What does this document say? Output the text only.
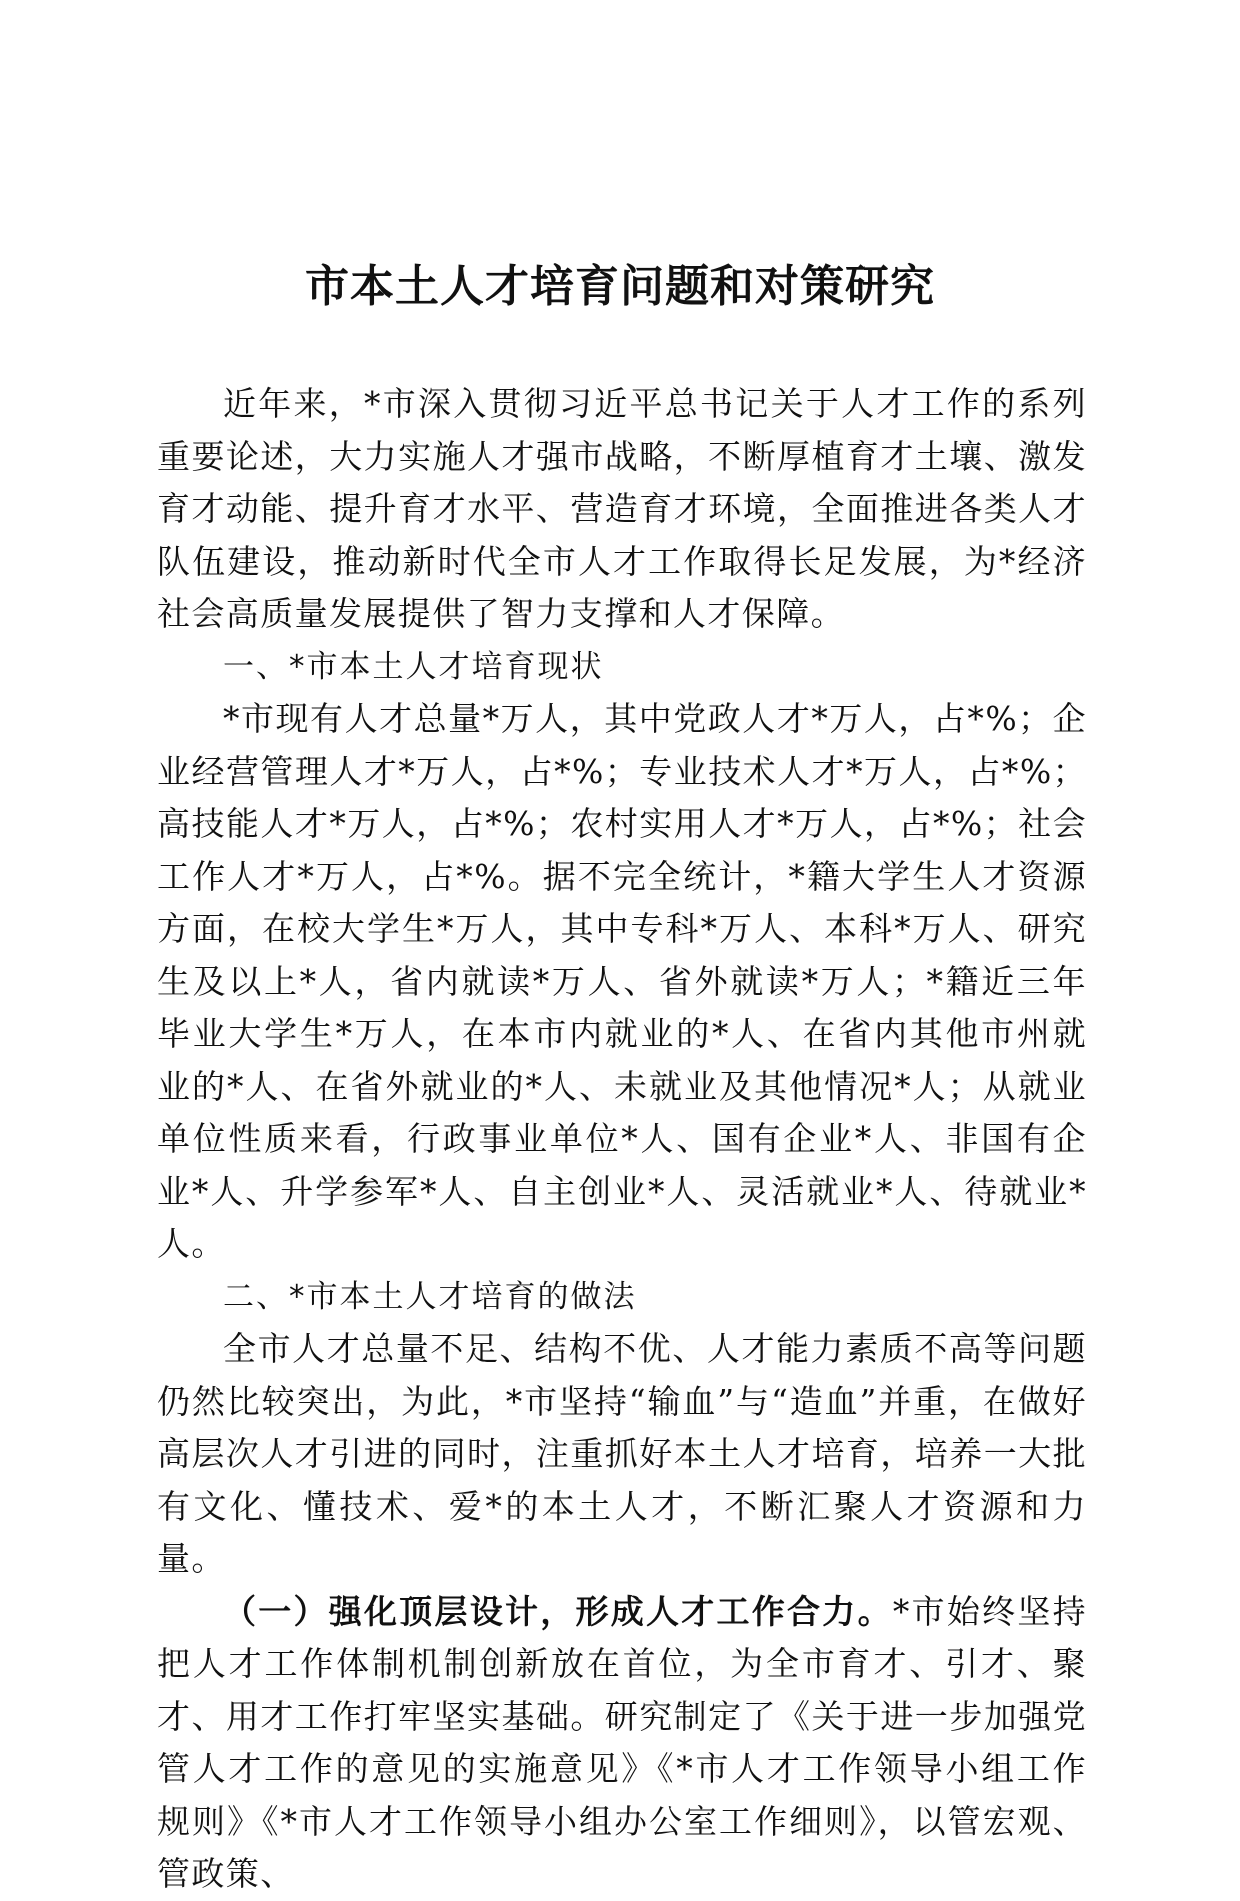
市本土人才培育问题和对策研究

近年来，*市深入贯彻习近平总书记关于人才工作的系列重要论述，大力实施人才强市战略，不断厚植育才土壤、激发育才动能、提升育才水平、营造育才环境，全面推进各类人才队伍建设，推动新时代全市人才工作取得长足发展，为*经济社会高质量发展提供了智力支撑和人才保障。

一、*市本土人才培育现状

*市现有人才总量*万人，其中党政人才*万人，占*%；企业经营管理人才*万人，占*%；专业技术人才*万人，占*%；高技能人才*万人，占*%；农村实用人才*万人，占*%；社会工作人才*万人，占*%。据不完全统计，*籍大学生人才资源方面，在校大学生*万人，其中专科*万人、本科*万人、研究生及以上*人，省内就读*万人、省外就读*万人；*籍近三年毕业大学生*万人，在本市内就业的*人、在省内其他市州就业的*人、在省外就业的*人、未就业及其他情况*人；从就业单位性质来看，行政事业单位*人、国有企业*人、非国有企业*人、升学参军*人、自主创业*人、灵活就业*人、待就业*人。

二、*市本土人才培育的做法

全市人才总量不足、结构不优、人才能力素质不高等问题仍然比较突出，为此，*市坚持“输血”与“造血”并重，在做好高层次人才引进的同时，注重抓好本土人才培育，培养一大批有文化、懂技术、爱*的本土人才，不断汇聚人才资源和力量。

（一）强化顶层设计，形成人才工作合力。*市始终坚持把人才工作体制机制创新放在首位，为全市育才、引才、聚才、用才工作打牢坚实基础。研究制定了《关于进一步加强党管人才工作的意见的实施意见》《*市人才工作领导小组工作规则》《*市人才工作领导小组办公室工作细则》，以管宏观、管政策、
